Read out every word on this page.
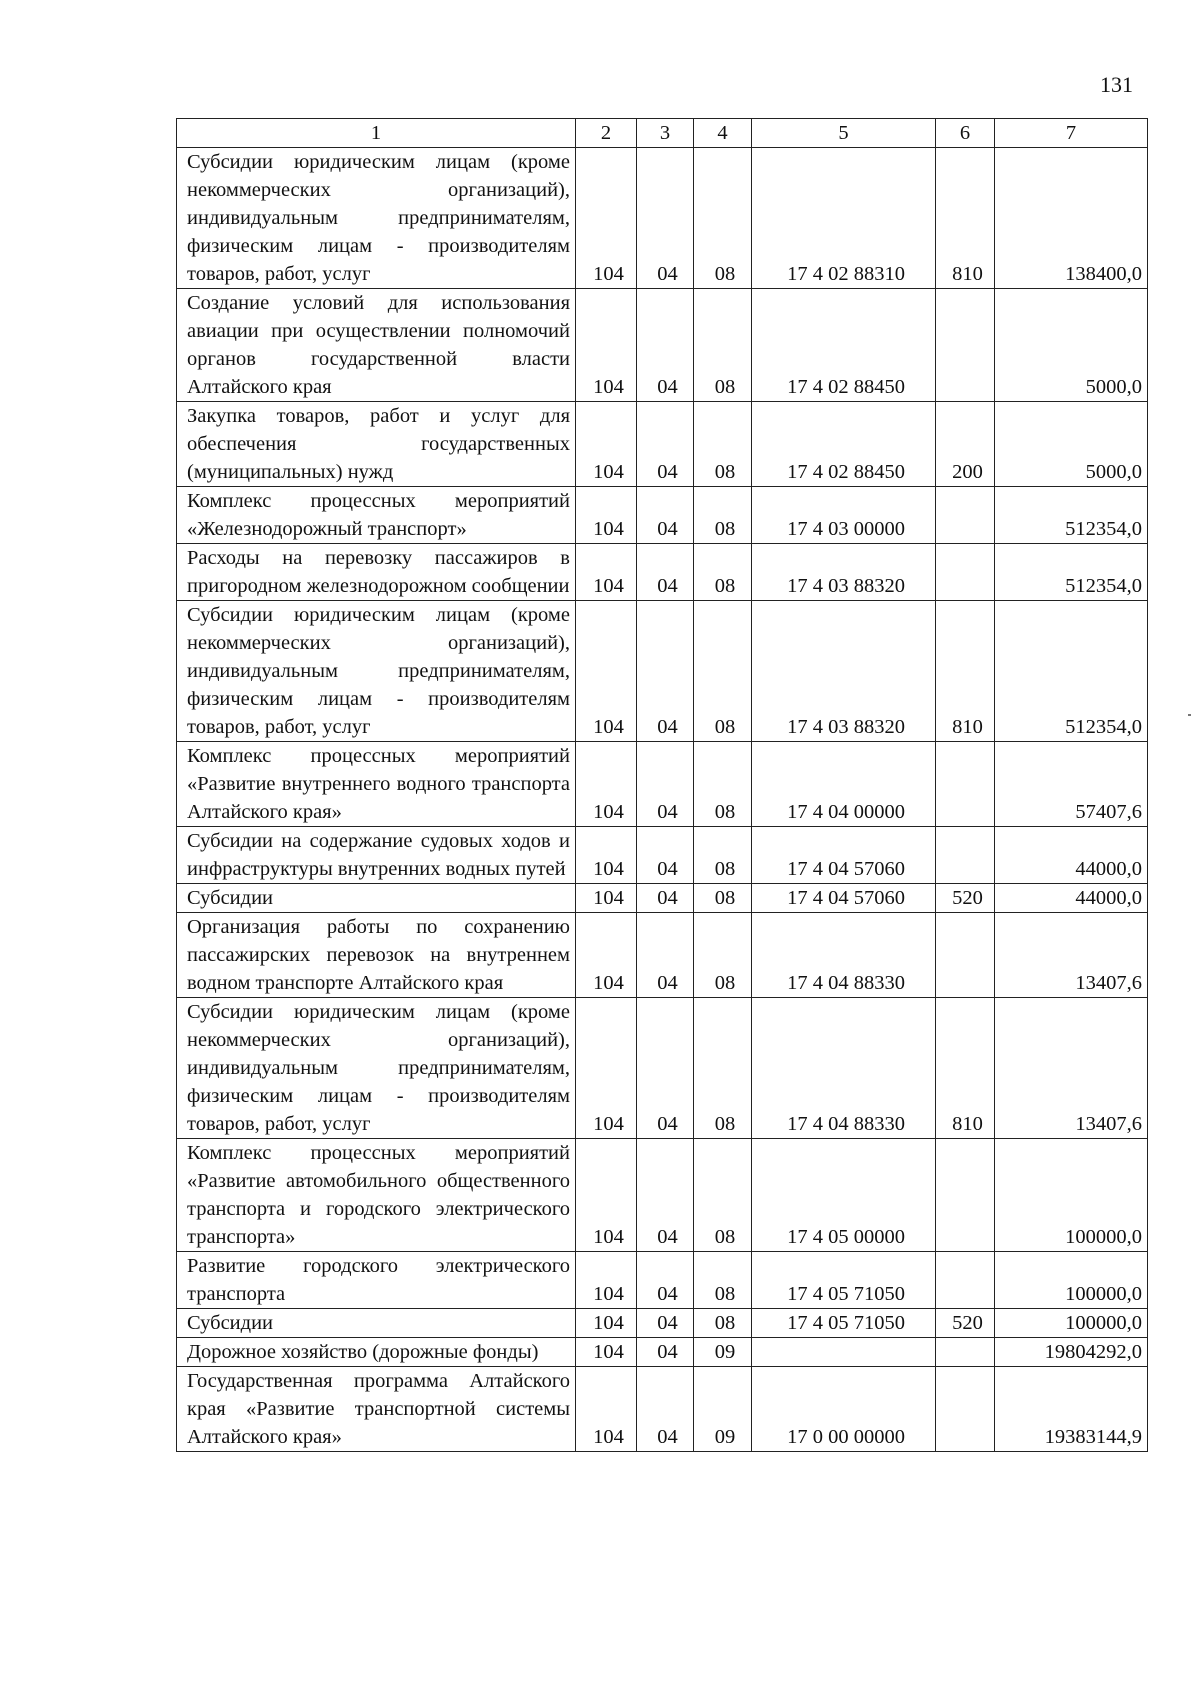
131
1	2	3	4	5	6	7
Субсидии юридическим лицам (кроме некоммерческих организаций), индивидуальным предпринимателям, физическим лицам - производителям товаров, работ, услуг	104	04	08	17 4 02 88310	810	138400,0
Создание условий для использования авиации при осуществлении полномочий органов государственной власти Алтайского края	104	04	08	17 4 02 88450		5000,0
Закупка товаров, работ и услуг для обеспечения государственных (муниципальных) нужд	104	04	08	17 4 02 88450	200	5000,0
Комплекс процессных мероприятий «Железнодорожный транспорт»	104	04	08	17 4 03 00000		512354,0
Расходы на перевозку пассажиров в пригородном железнодорожном сообщении	104	04	08	17 4 03 88320		512354,0
Субсидии юридическим лицам (кроме некоммерческих организаций), индивидуальным предпринимателям, физическим лицам - производителям товаров, работ, услуг	104	04	08	17 4 03 88320	810	512354,0
Комплекс процессных мероприятий «Развитие внутреннего водного транспорта Алтайского края»	104	04	08	17 4 04 00000		57407,6
Субсидии на содержание судовых ходов и инфраструктуры внутренних водных путей	104	04	08	17 4 04 57060		44000,0
Субсидии	104	04	08	17 4 04 57060	520	44000,0
Организация работы по сохранению пассажирских перевозок на внутреннем водном транспорте Алтайского края	104	04	08	17 4 04 88330		13407,6
Субсидии юридическим лицам (кроме некоммерческих организаций), индивидуальным предпринимателям, физическим лицам - производителям товаров, работ, услуг	104	04	08	17 4 04 88330	810	13407,6
Комплекс процессных мероприятий «Развитие автомобильного общественного транспорта и городского электрического транспорта»	104	04	08	17 4 05 00000		100000,0
Развитие городского электрического транспорта	104	04	08	17 4 05 71050		100000,0
Субсидии	104	04	08	17 4 05 71050	520	100000,0
Дорожное хозяйство (дорожные фонды)	104	04	09			19804292,0
Государственная программа Алтайского края «Развитие транспортной системы Алтайского края»	104	04	09	17 0 00 00000		19383144,9
